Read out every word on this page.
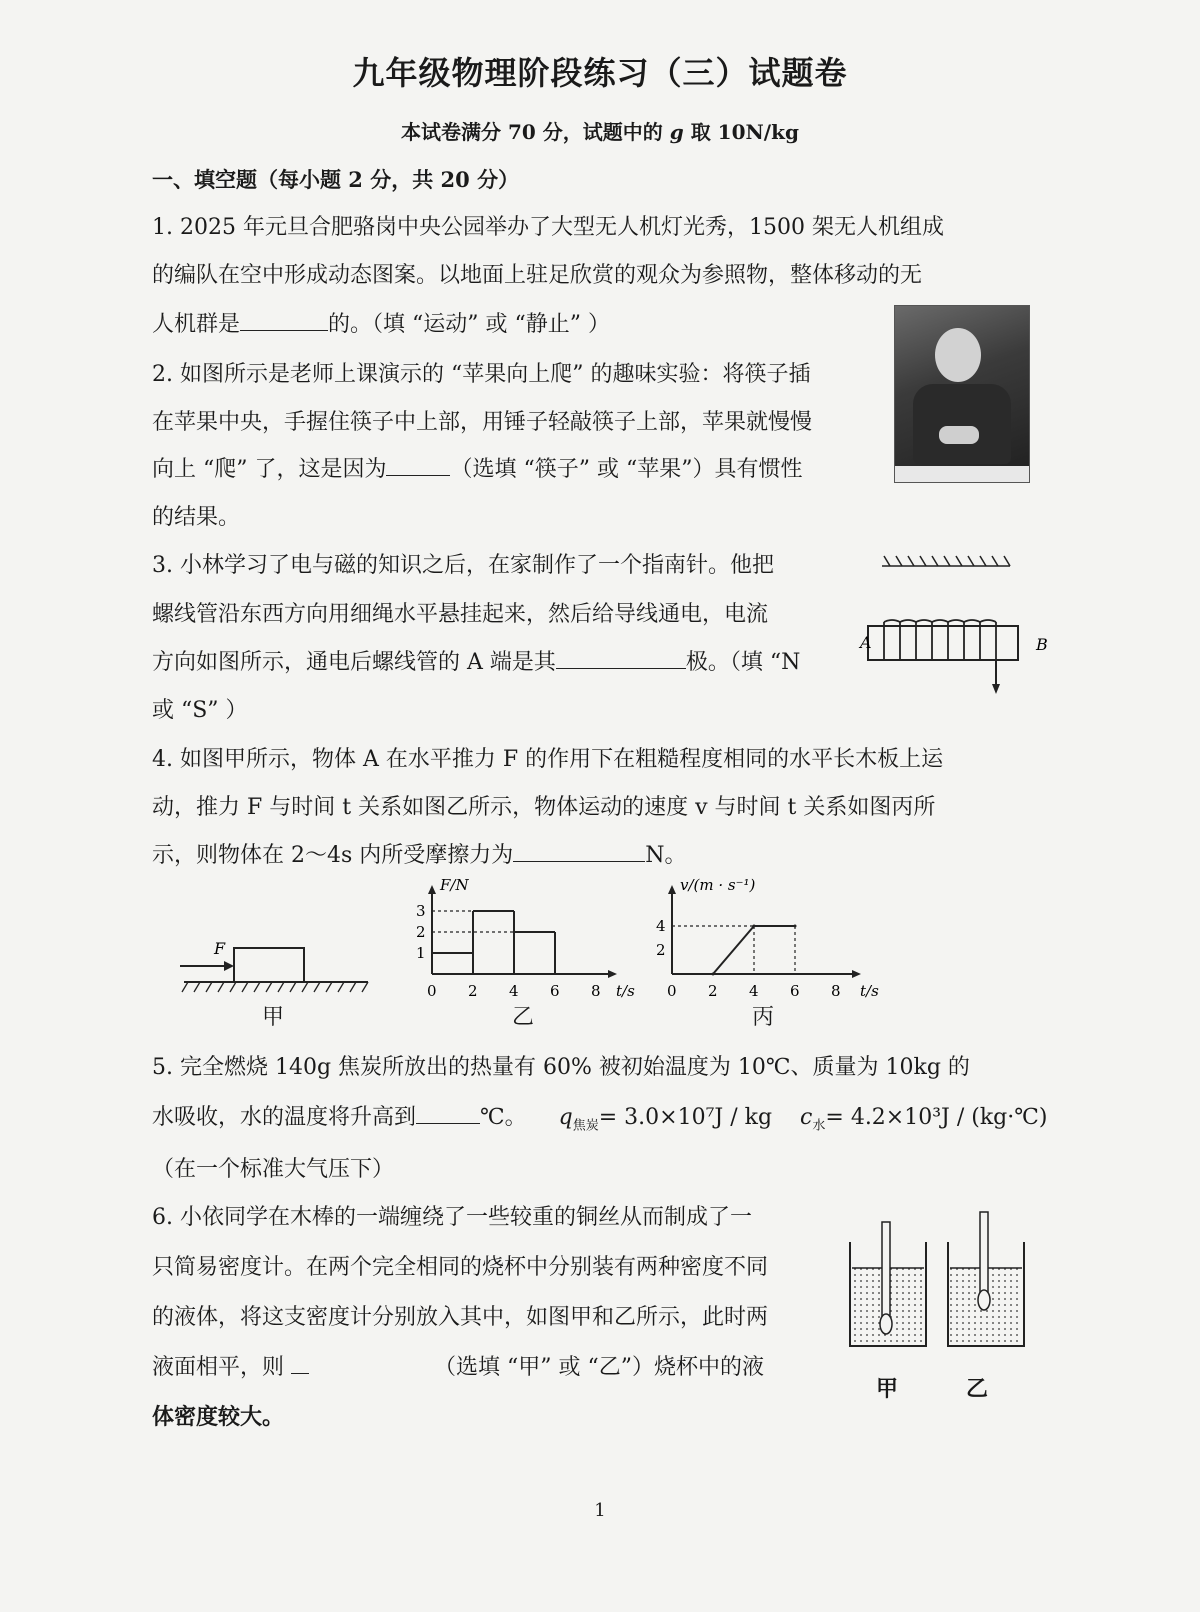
九年级物理阶段练习（三）试题卷
本试卷满分 70 分，试题中的 g 取 10N/kg
一、填空题（每小题 2 分，共 20 分）
1. 2025 年元旦合肥骆岗中央公园举办了大型无人机灯光秀，1500 架无人机组成
的编队在空中形成动态图案。以地面上驻足欣赏的观众为参照物，整体移动的无
人机群是	的。（填 “运动” 或 “静止” ）
2. 如图所示是老师上课演示的 “苹果向上爬” 的趣味实验：将筷子插
在苹果中央，手握住筷子中上部，用锤子轻敲筷子上部，苹果就慢慢
向上 “爬” 了，这是因为	（选填 “筷子” 或 “苹果”）具有惯性
的结果。
3. 小林学习了电与磁的知识之后，在家制作了一个指南针。他把
螺线管沿东西方向用细绳水平悬挂起来，然后给导线通电，电流
方向如图所示，通电后螺线管的 A 端是其	极。（填 “N
或 “S” ）
A	B
4. 如图甲所示，物体 A 在水平推力 F 的作用下在粗糙程度相同的水平长木板上运
动，推力 F 与时间 t 关系如图乙所示，物体运动的速度 v 与时间 t 关系如图丙所
示，则物体在 2～4s 内所受摩擦力为	N。
F
甲
F/N
t/s
0 2 4 6 8
1
2
3
乙
v/(m · s⁻¹)
t/s
0 2 4 6 8
2
4
丙
5. 完全燃烧 140g 焦炭所放出的热量有 60% 被初始温度为 10℃、质量为 10kg 的
水吸收，水的温度将升高到	℃。 $q_{焦炭}= 3.0\times 10^7J$ / kg $c_水= 4.2\times 10^3J$ / (kg·℃)
（在一个标准大气压下）
6. 小依同学在木棒的一端缠绕了一些较重的铜丝从而制成了一
只简易密度计。在两个完全相同的烧杯中分别装有两种密度不同
的液体，将这支密度计分别放入其中，如图甲和乙所示，此时两
液面相平，则	（选填 “甲” 或 “乙”）烧杯中的液
体密度较大。
甲	乙
1
